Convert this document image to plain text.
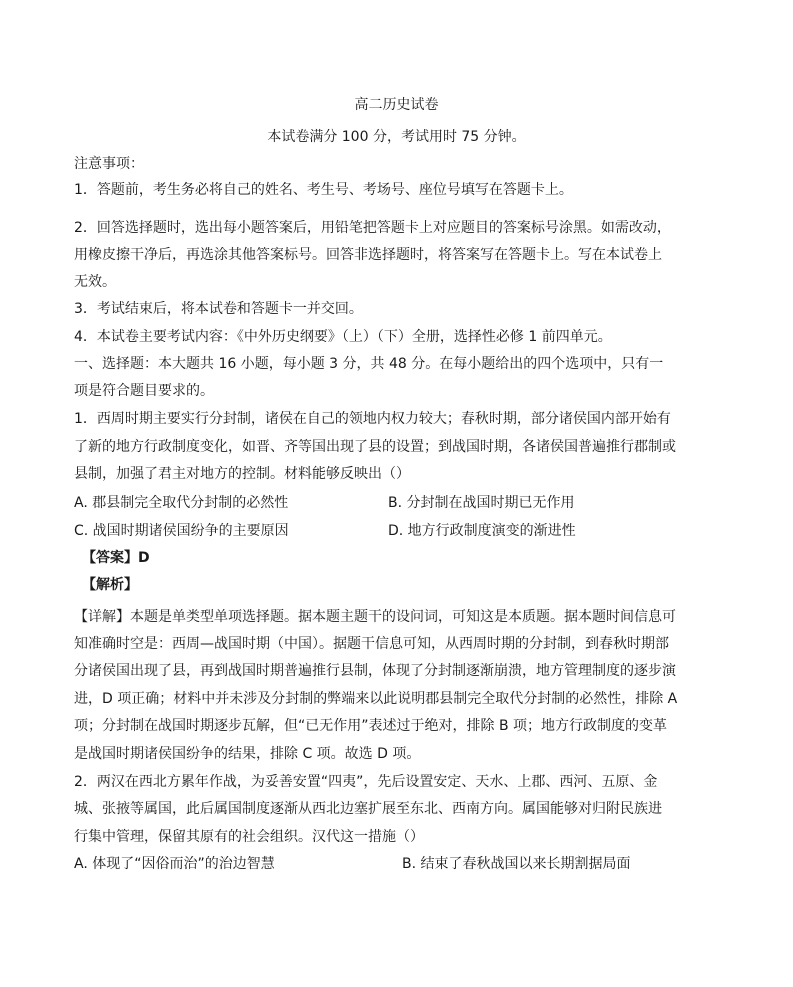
高二历史试卷
本试卷满分 100 分，考试用时 75 分钟。
注意事项：
1．答题前，考生务必将自己的姓名、考生号、考场号、座位号填写在答题卡上。
2．回答选择题时，选出每小题答案后，用铅笔把答题卡上对应题目的答案标号涂黑。如需改动，
用橡皮擦干净后，再选涂其他答案标号。回答非选择题时，将答案写在答题卡上。写在本试卷上
无效。
3．考试结束后，将本试卷和答题卡一并交回。
4．本试卷主要考试内容：《中外历史纲要》（上）（下）全册，选择性必修 1 前四单元。
一、选择题：本大题共 16 小题，每小题 3 分，共 48 分。在每小题给出的四个选项中，只有一
项是符合题目要求的。
1．西周时期主要实行分封制，诸侯在自己的领地内权力较大；春秋时期，部分诸侯国内部开始有
了新的地方行政制度变化，如晋、齐等国出现了县的设置；到战国时期，各诸侯国普遍推行郡制或
县制，加强了君主对地方的控制。材料能够反映出（）
A. 郡县制完全取代分封制的必然性	B. 分封制在战国时期已无作用
C. 战国时期诸侯国纷争的主要原因	D. 地方行政制度演变的渐进性
【答案】D
【解析】
【详解】本题是单类型单项选择题。据本题主题干的设问词，可知这是本质题。据本题时间信息可
知准确时空是：西周—战国时期（中国）。据题干信息可知，从西周时期的分封制，到春秋时期部
分诸侯国出现了县，再到战国时期普遍推行县制，体现了分封制逐渐崩溃，地方管理制度的逐步演
进，D 项正确；材料中并未涉及分封制的弊端来以此说明郡县制完全取代分封制的必然性，排除 A
项；分封制在战国时期逐步瓦解，但“已无作用”表述过于绝对，排除 B 项；地方行政制度的变革
是战国时期诸侯国纷争的结果，排除 C 项。故选 D 项。
2．两汉在西北方累年作战，为妥善安置“四夷”，先后设置安定、天水、上郡、西河、五原、金
城、张掖等属国，此后属国制度逐渐从西北边塞扩展至东北、西南方向。属国能够对归附民族进
行集中管理，保留其原有的社会组织。汉代这一措施（）
A. 体现了“因俗而治”的治边智慧	B. 结束了春秋战国以来长期割据局面
